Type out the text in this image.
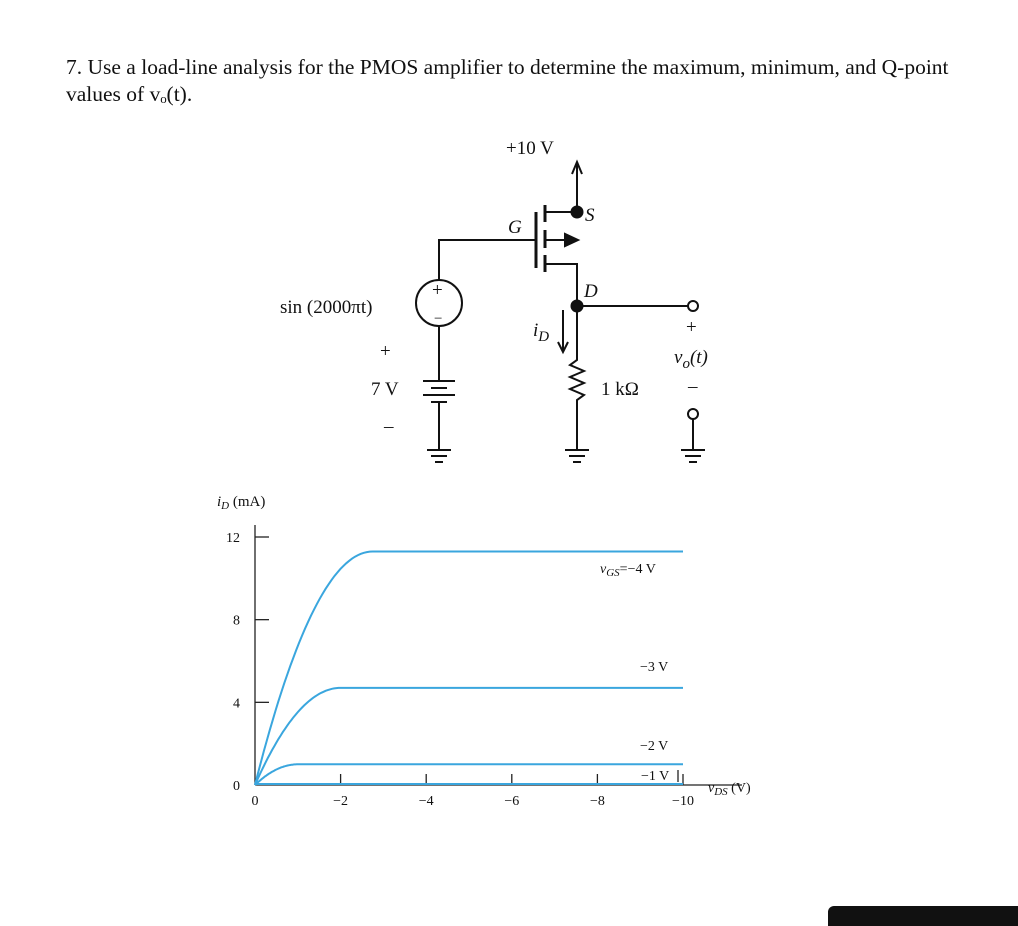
7. Use a load-line analysis for the PMOS amplifier to determine the maximum, minimum, and Q-point values of vₒ(t).
+10 V
G
S
D
sin (2000πt)
+
−
+
7 V
–
$i_D$
1 kΩ
+
$v_o(t)$
–
0
4
8
12
0	−2	−4	−6	−8	−10
$v_{GS}=-4$ V
−3 V
−2 V
−1 V
$i_D$ (mA)
$v_{DS}$ (V)
